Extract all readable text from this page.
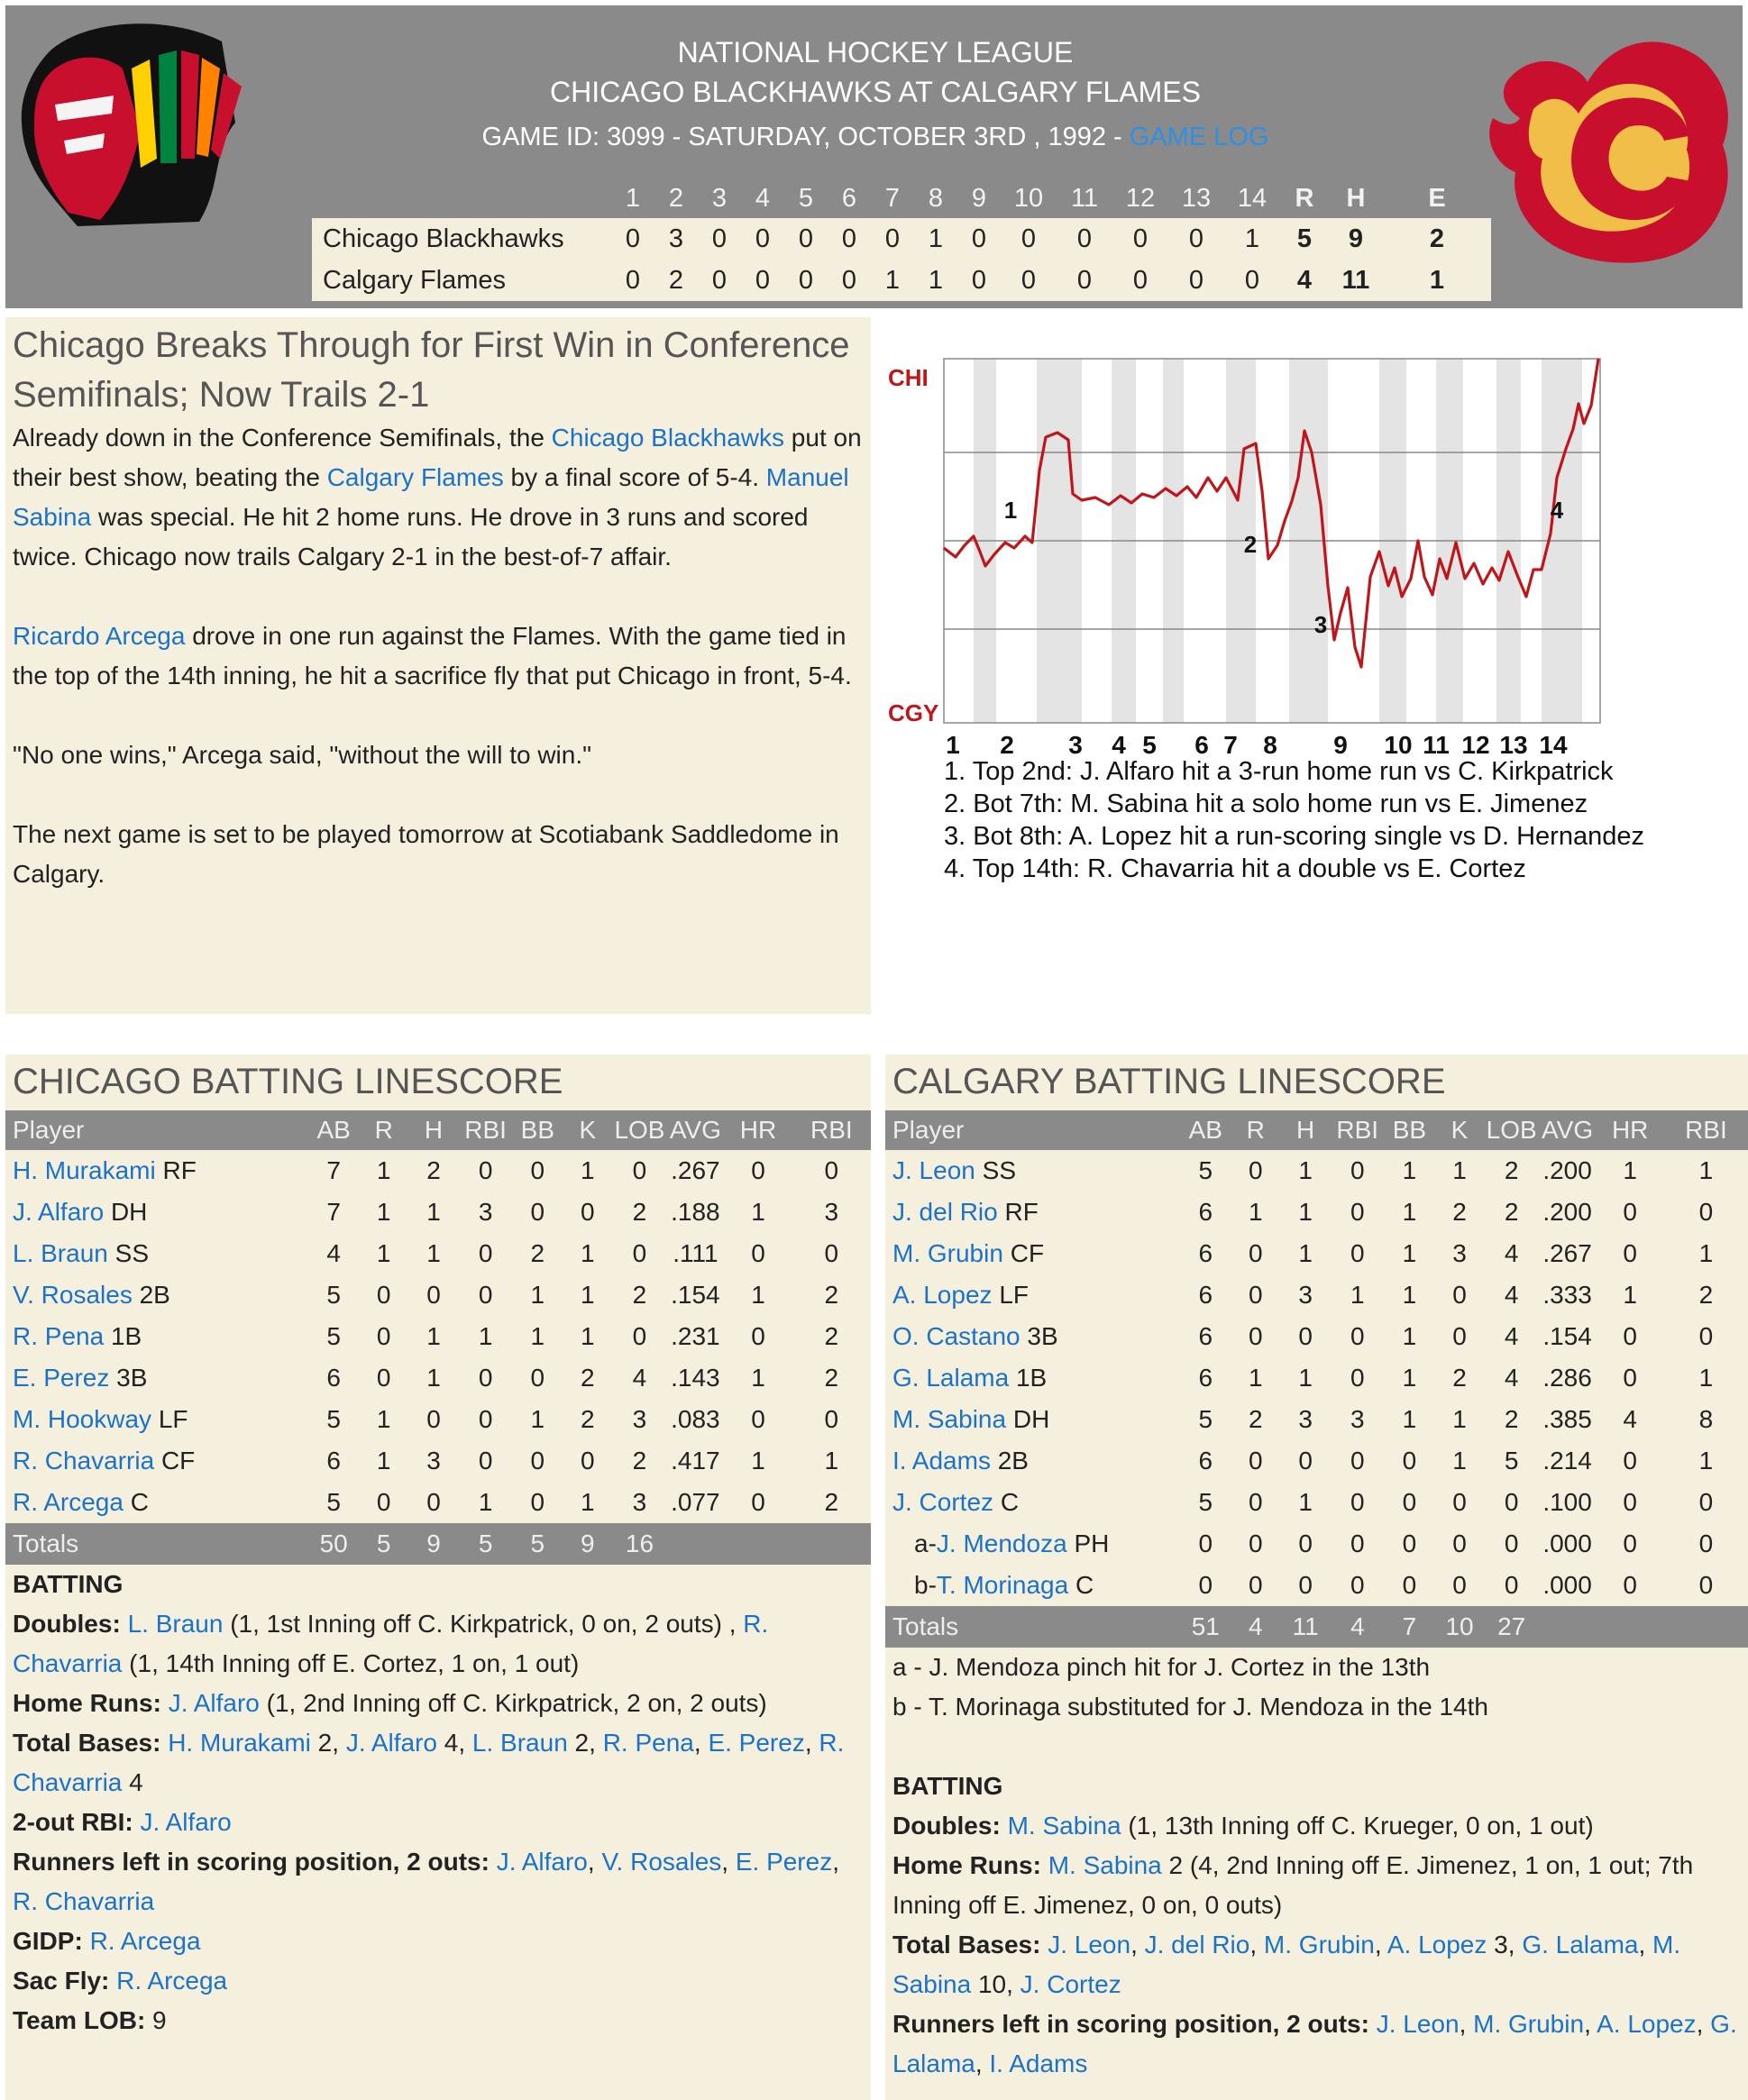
NATIONAL HOCKEY LEAGUE
CHICAGO BLACKHAWKS AT CALGARY FLAMES
GAME ID: 3099 - SATURDAY, OCTOBER 3RD , 1992 - GAME LOG
	1	2	3	4	5	6	7	8	9	10	11	12	13	14	R	H	E
Chicago Blackhawks	0	3	0	0	0	0	0	1	0	0	0	0	0	1	5	9	2
Calgary Flames	0	2	0	0	0	0	1	1	0	0	0	0	0	0	4	11	1
Chicago Breaks Through for First Win in Conference Semifinals; Now Trails 2-1

Already down in the Conference Semifinals, the Chicago Blackhawks put on their best show, beating the Calgary Flames by a final score of 5-4. Manuel Sabina was special. He hit 2 home runs. He drove in 3 runs and scored twice. Chicago now trails Calgary 2-1 in the best-of-7 affair.

Ricardo Arcega drove in one run against the Flames. With the game tied in the top of the 14th inning, he hit a sacrifice fly that put Chicago in front, 5-4.

"No one wins," Arcega said, "without the will to win."

The next game is set to be played tomorrow at Scotiabank Saddledome in Calgary.

CHI
CGY
1
2
3
4
1 2 3 4 5 6 7 8 9 10 11 12 13 14
1. Top 2nd: J. Alfaro hit a 3-run home run vs C. Kirkpatrick
2. Bot 7th: M. Sabina hit a solo home run vs E. Jimenez
3. Bot 8th: A. Lopez hit a run-scoring single vs D. Hernandez
4. Top 14th: R. Chavarria hit a double vs E. Cortez
CHICAGO BATTING LINESCORE
Player	AB	R	H	RBI	BB	K	LOB	AVG	HR	RBI
H. Murakami RF	7	1	2	0	0	1	0	.267	0	0
J. Alfaro DH	7	1	1	3	0	0	2	.188	1	3
L. Braun SS	4	1	1	0	2	1	0	.111	0	0
V. Rosales 2B	5	0	0	0	1	1	2	.154	1	2
R. Pena 1B	5	0	1	1	1	1	0	.231	0	2
E. Perez 3B	6	0	1	0	0	2	4	.143	1	2
M. Hookway LF	5	1	0	0	1	2	3	.083	0	0
R. Chavarria CF	6	1	3	0	0	0	2	.417	1	1
R. Arcega C	5	0	0	1	0	1	3	.077	0	2
Totals	50	5	9	5	5	9	16			
BATTING
Doubles: L. Braun (1, 1st Inning off C. Kirkpatrick, 0 on, 2 outs) , R. Chavarria (1, 14th Inning off E. Cortez, 1 on, 1 out)
Home Runs: J. Alfaro (1, 2nd Inning off C. Kirkpatrick, 2 on, 2 outs)
Total Bases: H. Murakami 2, J. Alfaro 4, L. Braun 2, R. Pena, E. Perez, R. Chavarria 4
2-out RBI: J. Alfaro
Runners left in scoring position, 2 outs: J. Alfaro, V. Rosales, E. Perez, R. Chavarria
GIDP: R. Arcega
Sac Fly: R. Arcega
Team LOB: 9
CALGARY BATTING LINESCORE
Player	AB	R	H	RBI	BB	K	LOB	AVG	HR	RBI
J. Leon SS	5	0	1	0	1	1	2	.200	1	1
J. del Rio RF	6	1	1	0	1	2	2	.200	0	0
M. Grubin CF	6	0	1	0	1	3	4	.267	0	1
A. Lopez LF	6	0	3	1	1	0	4	.333	1	2
O. Castano 3B	6	0	0	0	1	0	4	.154	0	0
G. Lalama 1B	6	1	1	0	1	2	4	.286	0	1
M. Sabina DH	5	2	3	3	1	1	2	.385	4	8
I. Adams 2B	6	0	0	0	0	1	5	.214	0	1
J. Cortez C	5	0	1	0	0	0	0	.100	0	0
a-J. Mendoza PH	0	0	0	0	0	0	0	.000	0	0
b-T. Morinaga C	0	0	0	0	0	0	0	.000	0	0
Totals	51	4	11	4	7	10	27			
a - J. Mendoza pinch hit for J. Cortez in the 13th
b - T. Morinaga substituted for J. Mendoza in the 14th
BATTING
Doubles: M. Sabina (1, 13th Inning off C. Krueger, 0 on, 1 out)
Home Runs: M. Sabina 2 (4, 2nd Inning off E. Jimenez, 1 on, 1 out; 7th Inning off E. Jimenez, 0 on, 0 outs)
Total Bases: J. Leon, J. del Rio, M. Grubin, A. Lopez 3, G. Lalama, M. Sabina 10, J. Cortez
Runners left in scoring position, 2 outs: J. Leon, M. Grubin, A. Lopez, G. Lalama, I. Adams
